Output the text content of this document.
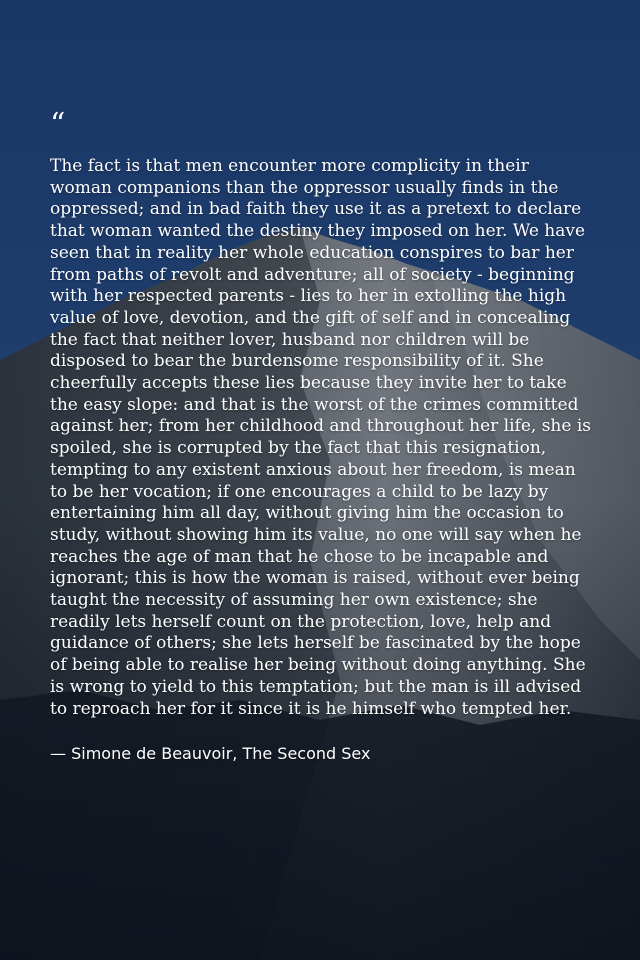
“

The fact is that men encounter more complicity in their woman companions than the oppressor usually finds in the oppressed; and in bad faith they use it as a pretext to declare that woman wanted the destiny they imposed on her. We have seen that in reality her whole education conspires to bar her from paths of revolt and adventure; all of society - beginning with her respected parents - lies to her in extolling the high value of love, devotion, and the gift of self and in concealing the fact that neither lover, husband nor children will be disposed to bear the burdensome responsibility of it. She cheerfully accepts these lies because they invite her to take the easy slope: and that is the worst of the crimes committed against her; from her childhood and throughout her life, she is spoiled, she is corrupted by the fact that this resignation, tempting to any existent anxious about her freedom, is mean to be her vocation; if one encourages a child to be lazy by entertaining him all day, without giving him the occasion to study, without showing him its value, no one will say when he reaches the age of man that he chose to be incapable and ignorant; this is how the woman is raised, without ever being taught the necessity of assuming her own existence; she readily lets herself count on the protection, love, help and guidance of others; she lets herself be fascinated by the hope of being able to realise her being without doing anything. She is wrong to yield to this temptation; but the man is ill advised to reproach her for it since it is he himself who tempted her.

— Simone de Beauvoir, The Second Sex
